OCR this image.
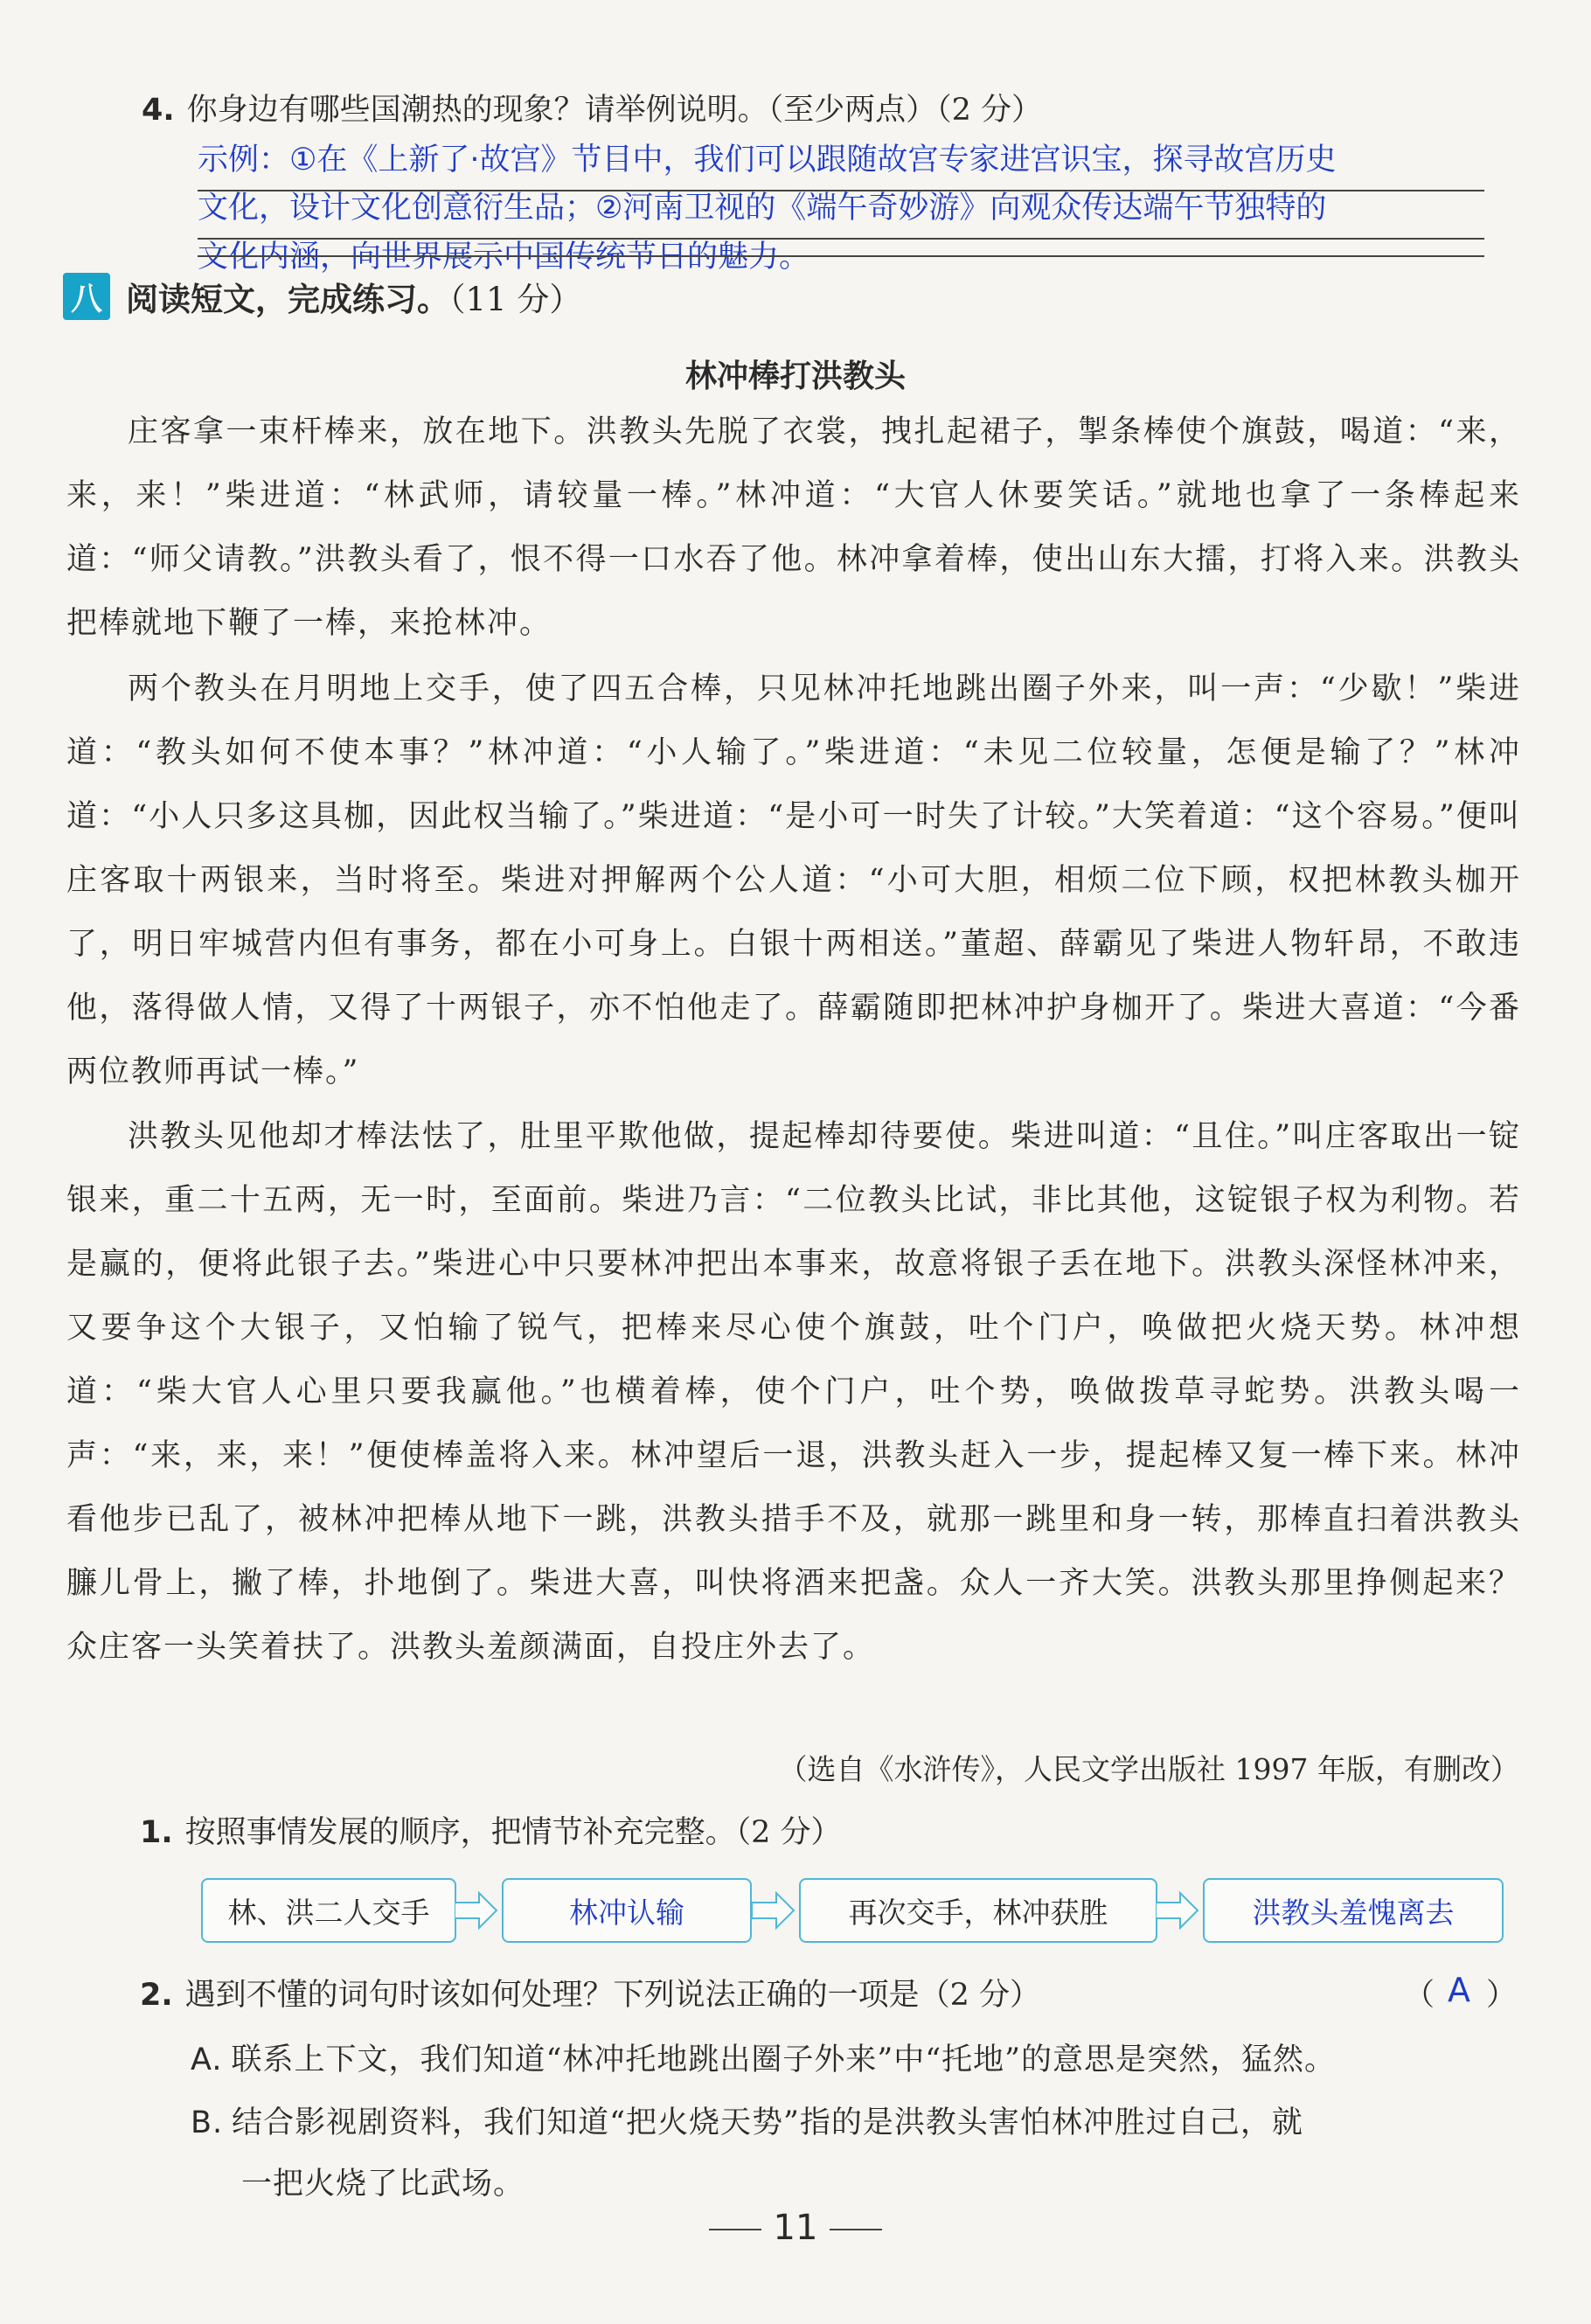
4. 你身边有哪些国潮热的现象？请举例说明。（至少两点）（2 分）
示例：①在《上新了·故宫》节目中，我们可以跟随故宫专家进宫识宝，探寻故宫历史
文化，设计文化创意衍生品；②河南卫视的《端午奇妙游》向观众传达端午节独特的
文化内涵，向世界展示中国传统节日的魅力。
八 阅读短文，完成练习。（11 分）
林冲棒打洪教头
庄客拿一束杆棒来，放在地下。洪教头先脱了衣裳，拽扎起裙子，掣条棒使个旗鼓，喝道：“来，来，来！”柴进道：“林武师，请较量一棒。”林冲道：“大官人休要笑话。”就地也拿了一条棒起来道：“师父请教。”洪教头看了，恨不得一口水吞了他。林冲拿着棒，使出山东大擂，打将入来。洪教头把棒就地下鞭了一棒，来抢林冲。
两个教头在月明地上交手，使了四五合棒，只见林冲托地跳出圈子外来，叫一声：“少歇！”柴进道：“教头如何不使本事？”林冲道：“小人输了。”柴进道：“未见二位较量，怎便是输了？”林冲道：“小人只多这具枷，因此权当输了。”柴进道：“是小可一时失了计较。”大笑着道：“这个容易。”便叫庄客取十两银来，当时将至。柴进对押解两个公人道：“小可大胆，相烦二位下顾，权把林教头枷开了，明日牢城营内但有事务，都在小可身上。白银十两相送。”董超、薛霸见了柴进人物轩昂，不敢违他，落得做人情，又得了十两银子，亦不怕他走了。薛霸随即把林冲护身枷开了。柴进大喜道：“今番两位教师再试一棒。”
洪教头见他却才棒法怯了，肚里平欺他做，提起棒却待要使。柴进叫道：“且住。”叫庄客取出一锭银来，重二十五两，无一时，至面前。柴进乃言：“二位教头比试，非比其他，这锭银子权为利物。若是赢的，便将此银子去。”柴进心中只要林冲把出本事来，故意将银子丢在地下。洪教头深怪林冲来，又要争这个大银子，又怕输了锐气，把棒来尽心使个旗鼓，吐个门户，唤做把火烧天势。林冲想道：“柴大官人心里只要我赢他。”也横着棒，使个门户，吐个势，唤做拨草寻蛇势。洪教头喝一声：“来，来，来！”便使棒盖将入来。林冲望后一退，洪教头赶入一步，提起棒又复一棒下来。林冲看他步已乱了，被林冲把棒从地下一跳，洪教头措手不及，就那一跳里和身一转，那棒直扫着洪教头臁儿骨上，撇了棒，扑地倒了。柴进大喜，叫快将酒来把盏。众人一齐大笑。洪教头那里挣侧起来？众庄客一头笑着扶了。洪教头羞颜满面，自投庄外去了。
（选自《水浒传》，人民文学出版社 1997 年版，有删改）
1. 按照事情发展的顺序，把情节补充完整。（2 分）
林、洪二人交手	林冲认输	再次交手，林冲获胜	洪教头羞愧离去
2. 遇到不懂的词句时该如何处理？下列说法正确的一项是（2 分）	（ A ）
A. 联系上下文，我们知道“林冲托地跳出圈子外来”中“托地”的意思是突然，猛然。
B. 结合影视剧资料，我们知道“把火烧天势”指的是洪教头害怕林冲胜过自己，就
一把火烧了比武场。
11
